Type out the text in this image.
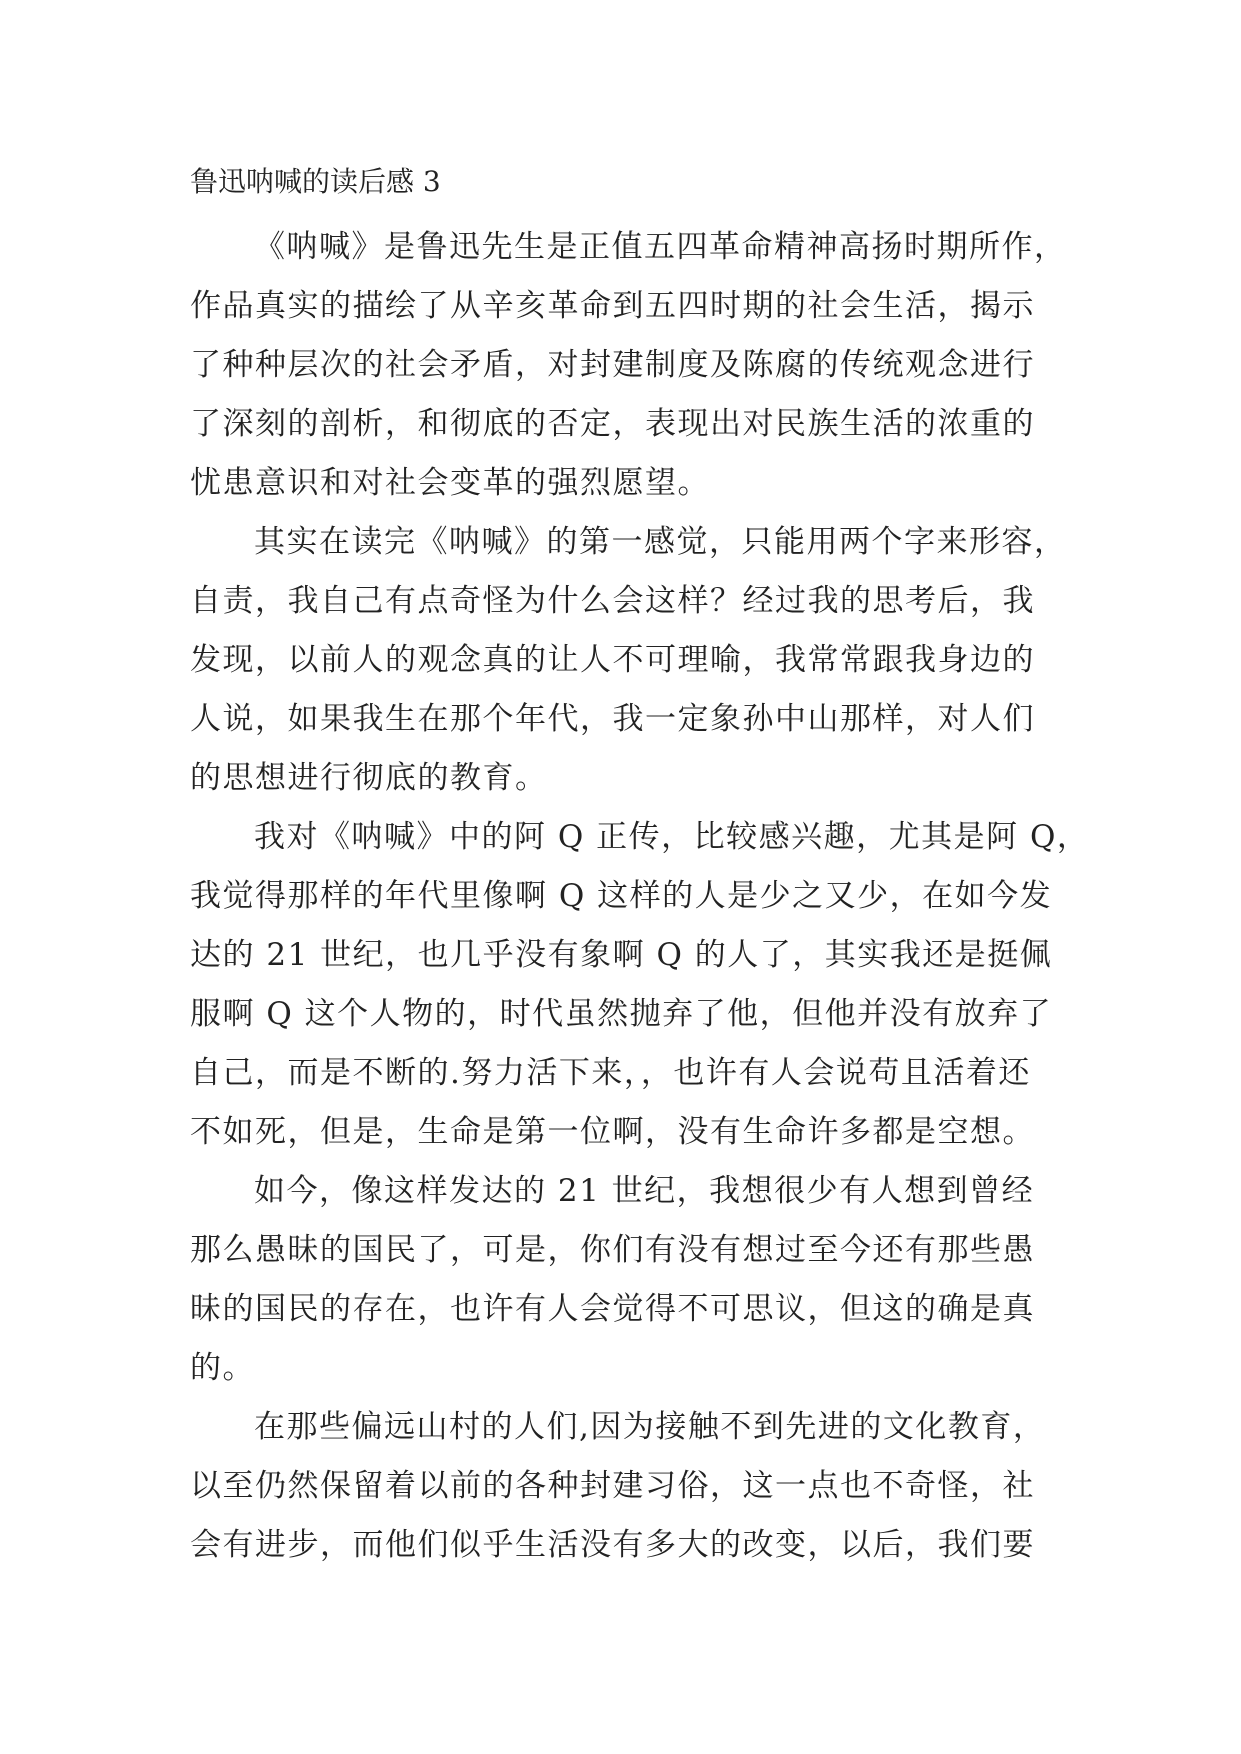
鲁迅呐喊的读后感 3

《呐喊》是鲁迅先生是正值五四革命精神高扬时期所作，
作品真实的描绘了从辛亥革命到五四时期的社会生活，揭示
了种种层次的社会矛盾，对封建制度及陈腐的传统观念进行
了深刻的剖析，和彻底的否定，表现出对民族生活的浓重的
忧患意识和对社会变革的强烈愿望。

其实在读完《呐喊》的第一感觉，只能用两个字来形容，
自责，我自己有点奇怪为什么会这样？经过我的思考后，我
发现，以前人的观念真的让人不可理喻，我常常跟我身边的
人说，如果我生在那个年代，我一定象孙中山那样，对人们
的思想进行彻底的教育。

我对《呐喊》中的阿 Q 正传，比较感兴趣，尤其是阿 Q，
我觉得那样的年代里像啊 Q 这样的人是少之又少，在如今发
达的 21 世纪，也几乎没有象啊 Q 的人了，其实我还是挺佩
服啊 Q 这个人物的，时代虽然抛弃了他，但他并没有放弃了
自己，而是不断的.努力活下来，，也许有人会说苟且活着还
不如死，但是，生命是第一位啊，没有生命许多都是空想。

如今，像这样发达的 21 世纪，我想很少有人想到曾经
那么愚昧的国民了，可是，你们有没有想过至今还有那些愚
昧的国民的存在，也许有人会觉得不可思议，但这的确是真
的。

在那些偏远山村的人们,因为接触不到先进的文化教育，
以至仍然保留着以前的各种封建习俗，这一点也不奇怪，社
会有进步，而他们似乎生活没有多大的改变，以后，我们要
